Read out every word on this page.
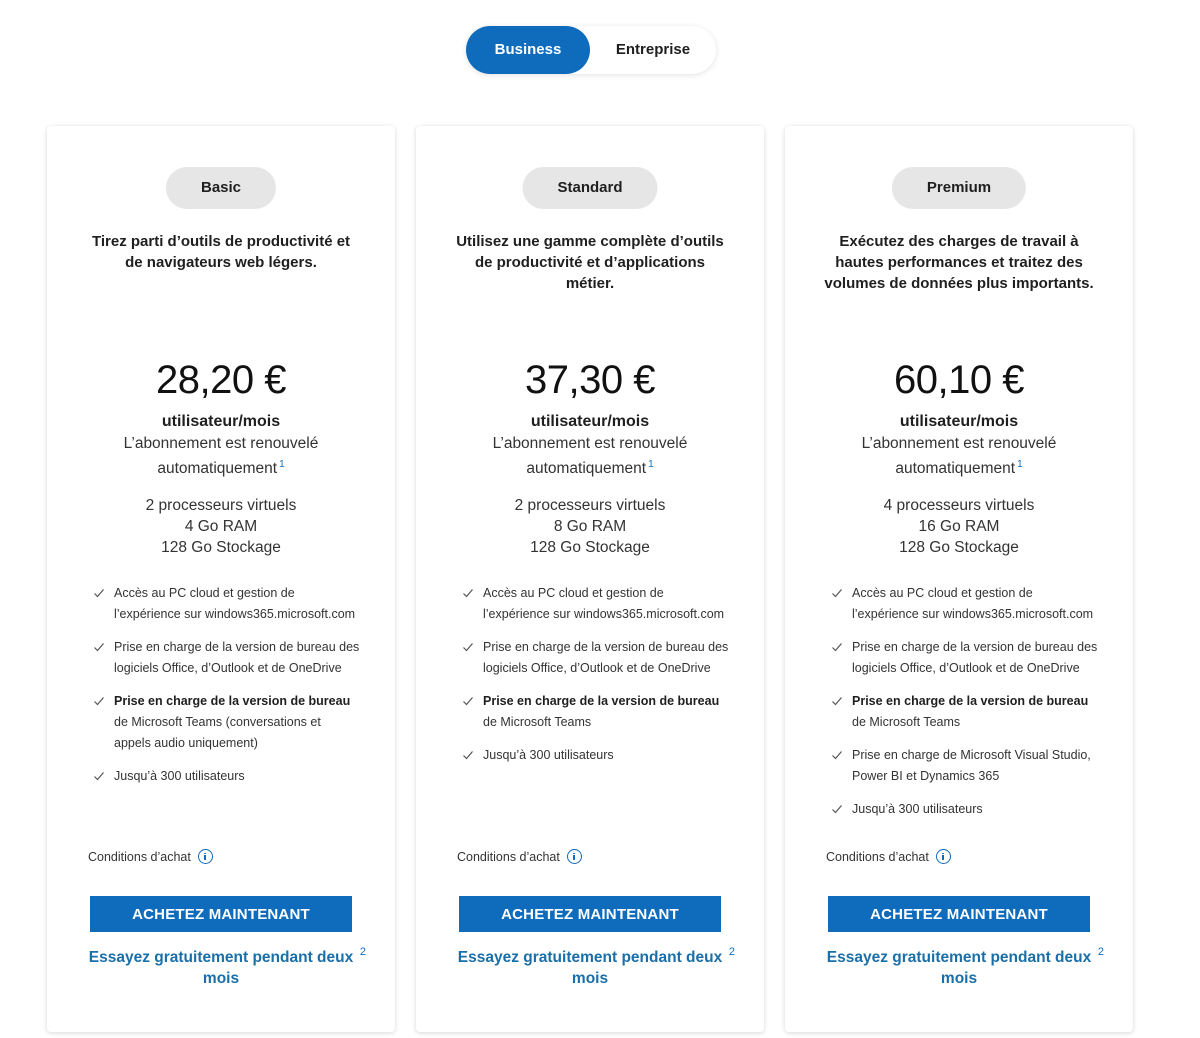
Business	Entreprise
Basic
Tirez parti d’outils de productivité et de navigateurs web légers.
28,20 €
utilisateur/mois
L’abonnement est renouvelé automatiquement $^1$
2 processeurs virtuels
4 Go RAM
128 Go Stockage
Accès au PC cloud et gestion de l’expérience sur windows365.microsoft.com
Prise en charge de la version de bureau des logiciels Office, d’Outlook et de OneDrive
Prise en charge de la version de bureau de Microsoft Teams (conversations et appels audio uniquement)
Jusqu’à 300 utilisateurs
Conditions d’achat
ACHETEZ MAINTENANT
Essayez gratuitement pendant deux mois
2
Standard
Utilisez une gamme complète d’outils de productivité et d’applications métier.
37,30 €
utilisateur/mois
L’abonnement est renouvelé automatiquement $^1$
2 processeurs virtuels
8 Go RAM
128 Go Stockage
Accès au PC cloud et gestion de l’expérience sur windows365.microsoft.com
Prise en charge de la version de bureau des logiciels Office, d’Outlook et de OneDrive
Prise en charge de la version de bureau de Microsoft Teams
Jusqu’à 300 utilisateurs
Conditions d’achat
ACHETEZ MAINTENANT
Essayez gratuitement pendant deux mois
2
Premium
Exécutez des charges de travail à hautes performances et traitez des volumes de données plus importants.
60,10 €
utilisateur/mois
L’abonnement est renouvelé automatiquement $^1$
4 processeurs virtuels
16 Go RAM
128 Go Stockage
Accès au PC cloud et gestion de l’expérience sur windows365.microsoft.com
Prise en charge de la version de bureau des logiciels Office, d’Outlook et de OneDrive
Prise en charge de la version de bureau de Microsoft Teams
Prise en charge de Microsoft Visual Studio, Power BI et Dynamics 365
Jusqu’à 300 utilisateurs
Conditions d’achat
ACHETEZ MAINTENANT
Essayez gratuitement pendant deux mois
2
